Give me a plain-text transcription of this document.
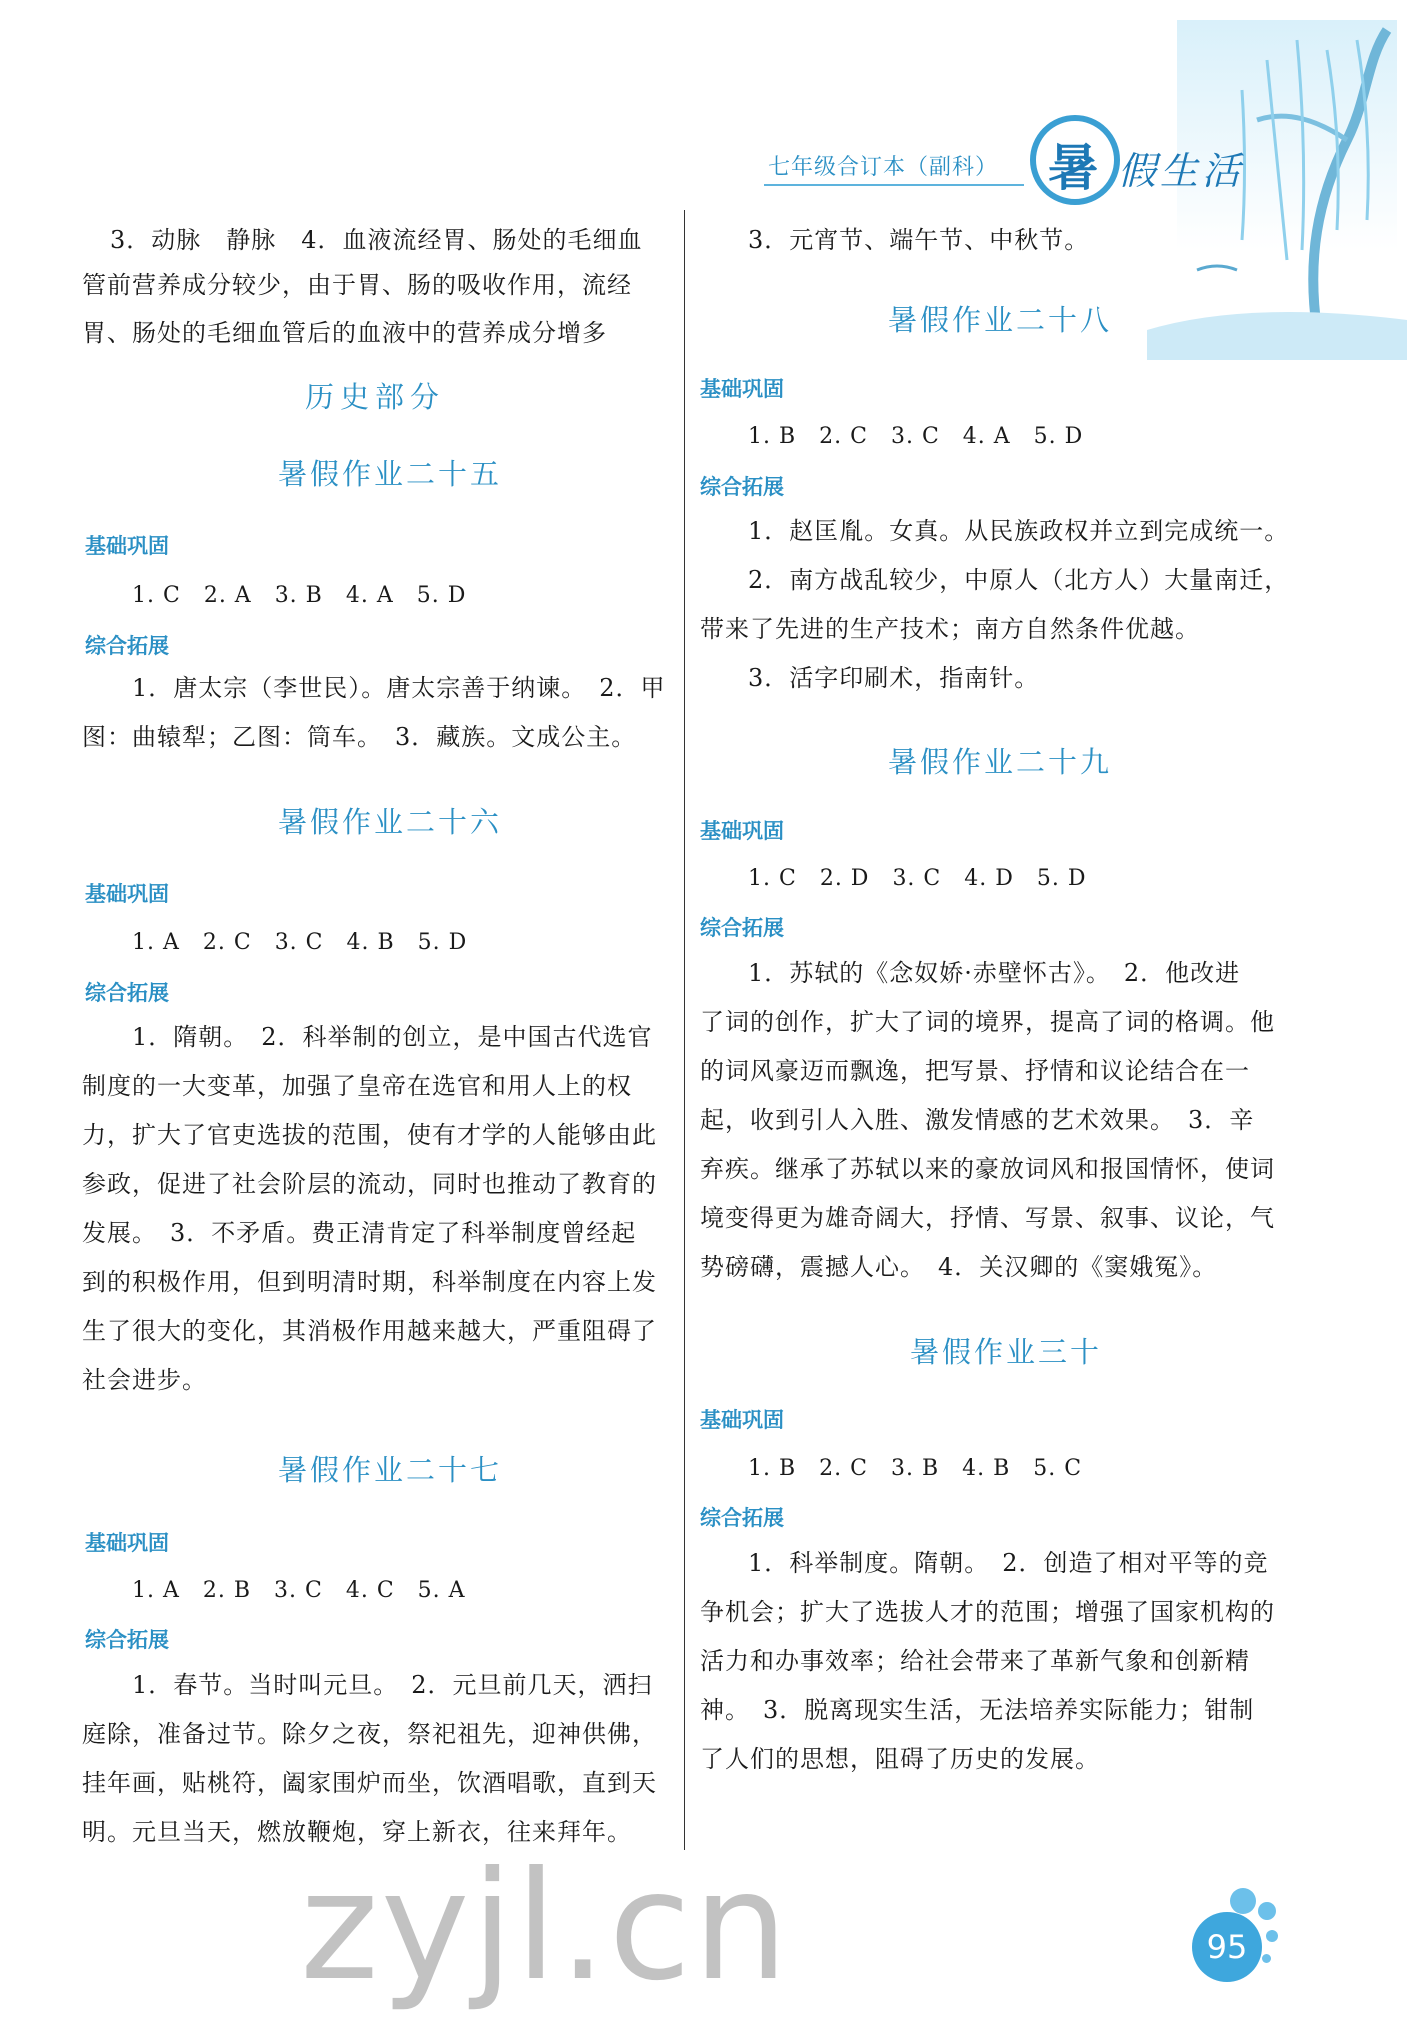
七年级合订本（副科） 暑 假生活
3．动脉　静脉　4．血液流经胃、肠处的毛细血
管前营养成分较少，由于胃、肠的吸收作用，流经
胃、肠处的毛细血管后的血液中的营养成分增多
历史部分
暑假作业二十五
基础巩固
1. C　2. A　3. B　4. A　5. D
综合拓展
1．唐太宗（李世民）。唐太宗善于纳谏。　2．甲
图：曲辕犁；乙图：筒车。　3．藏族。文成公主。
暑假作业二十六
基础巩固
1. A　2. C　3. C　4. B　5. D
综合拓展
1．隋朝。　2．科举制的创立，是中国古代选官
制度的一大变革，加强了皇帝在选官和用人上的权
力，扩大了官吏选拔的范围，使有才学的人能够由此
参政，促进了社会阶层的流动，同时也推动了教育的
发展。　3．不矛盾。费正清肯定了科举制度曾经起
到的积极作用，但到明清时期，科举制度在内容上发
生了很大的变化，其消极作用越来越大，严重阻碍了
社会进步。
暑假作业二十七
基础巩固
1. A　2. B　3. C　4. C　5. A
综合拓展
1．春节。当时叫元旦。　2．元旦前几天，洒扫
庭除，准备过节。除夕之夜，祭祀祖先，迎神供佛，
挂年画，贴桃符，阖家围炉而坐，饮酒唱歌，直到天
明。元旦当天，燃放鞭炮，穿上新衣，往来拜年。
3．元宵节、端午节、中秋节。
暑假作业二十八
基础巩固
1. B　2. C　3. C　4. A　5. D
综合拓展
1．赵匡胤。女真。从民族政权并立到完成统一。
2．南方战乱较少，中原人（北方人）大量南迁，
带来了先进的生产技术；南方自然条件优越。
3．活字印刷术，指南针。
暑假作业二十九
基础巩固
1. C　2. D　3. C　4. D　5. D
综合拓展
1．苏轼的《念奴娇·赤壁怀古》。　2．他改进
了词的创作，扩大了词的境界，提高了词的格调。他
的词风豪迈而飘逸，把写景、抒情和议论结合在一
起，收到引人入胜、激发情感的艺术效果。　3．辛
弃疾。继承了苏轼以来的豪放词风和报国情怀，使词
境变得更为雄奇阔大，抒情、写景、叙事、议论，气
势磅礴，震撼人心。　4．关汉卿的《窦娥冤》。
暑假作业三十
基础巩固
1. B　2. C　3. B　4. B　5. C
综合拓展
1．科举制度。隋朝。　2．创造了相对平等的竞
争机会；扩大了选拔人才的范围；增强了国家机构的
活力和办事效率；给社会带来了革新气象和创新精
神。　3．脱离现实生活，无法培养实际能力；钳制
了人们的思想，阻碍了历史的发展。
zyjl.cn	95
